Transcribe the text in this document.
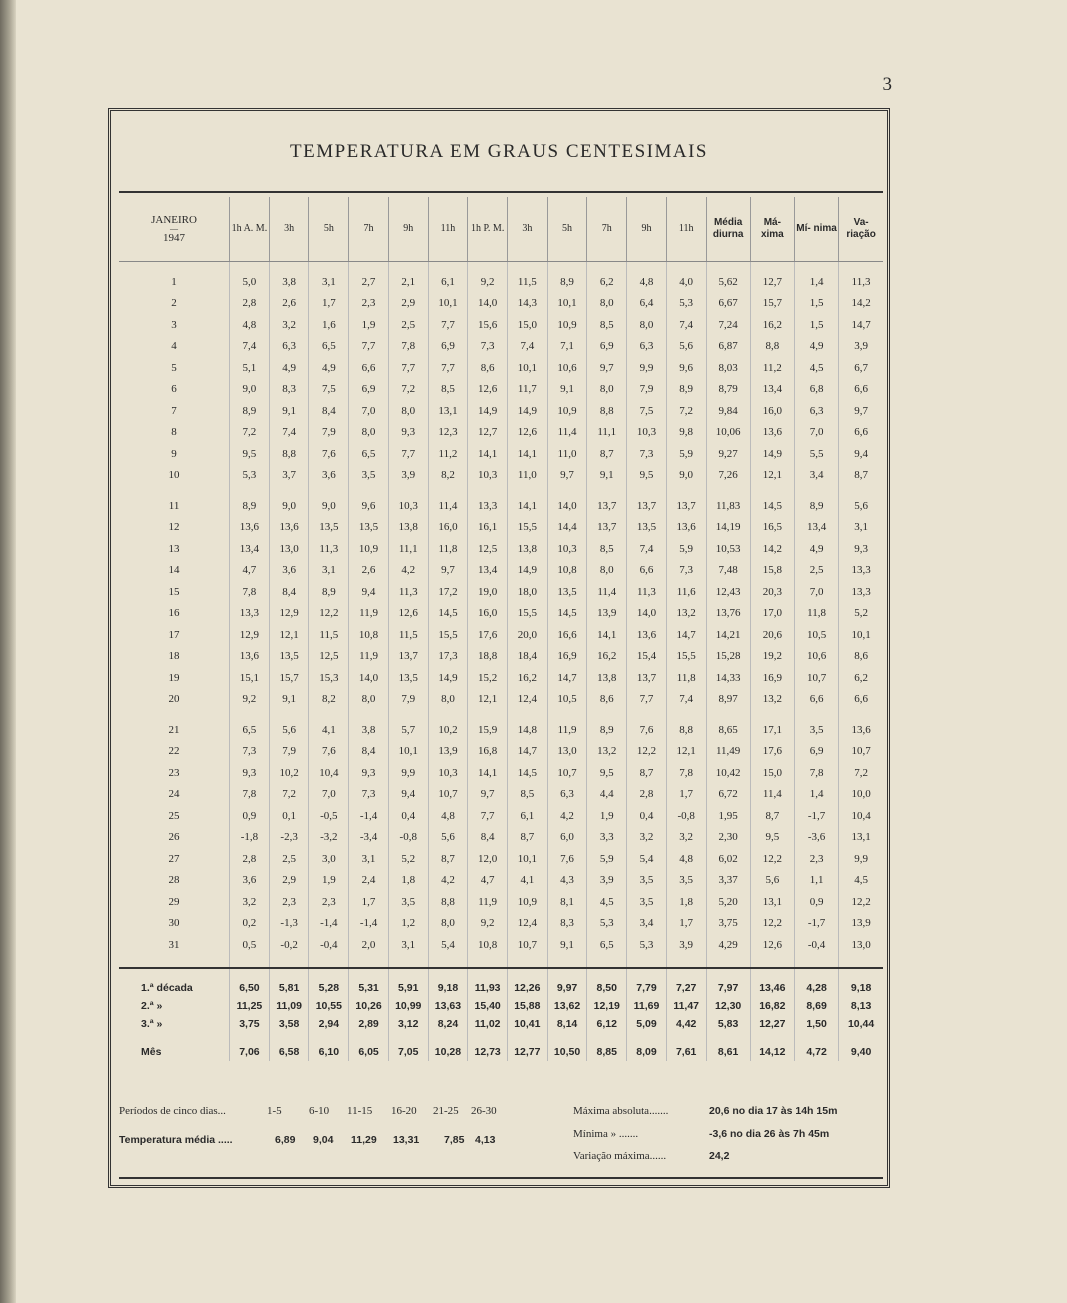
3
TEMPERATURA EM GRAUS CENTESIMAIS
JANEIRO
—
1947	1h A. M.	3h	5h	7h	9h	11h	1h P. M.	3h	5h	7h	9h	11h	Média diurna	Má- xima	Mí- nima	Va- riação

1	5,0	3,8	3,1	2,7	2,1	6,1	9,2	11,5	8,9	6,2	4,8	4,0	5,62	12,7	1,4	11,3
2	2,8	2,6	1,7	2,3	2,9	10,1	14,0	14,3	10,1	8,0	6,4	5,3	6,67	15,7	1,5	14,2
3	4,8	3,2	1,6	1,9	2,5	7,7	15,6	15,0	10,9	8,5	8,0	7,4	7,24	16,2	1,5	14,7
4	7,4	6,3	6,5	7,7	7,8	6,9	7,3	7,4	7,1	6,9	6,3	5,6	6,87	8,8	4,9	3,9
5	5,1	4,9	4,9	6,6	7,7	7,7	8,6	10,1	10,6	9,7	9,9	9,6	8,03	11,2	4,5	6,7
6	9,0	8,3	7,5	6,9	7,2	8,5	12,6	11,7	9,1	8,0	7,9	8,9	8,79	13,4	6,8	6,6
7	8,9	9,1	8,4	7,0	8,0	13,1	14,9	14,9	10,9	8,8	7,5	7,2	9,84	16,0	6,3	9,7
8	7,2	7,4	7,9	8,0	9,3	12,3	12,7	12,6	11,4	11,1	10,3	9,8	10,06	13,6	7,0	6,6
9	9,5	8,8	7,6	6,5	7,7	11,2	14,1	14,1	11,0	8,7	7,3	5,9	9,27	14,9	5,5	9,4
10	5,3	3,7	3,6	3,5	3,9	8,2	10,3	11,0	9,7	9,1	9,5	9,0	7,26	12,1	3,4	8,7

11	8,9	9,0	9,0	9,6	10,3	11,4	13,3	14,1	14,0	13,7	13,7	13,7	11,83	14,5	8,9	5,6
12	13,6	13,6	13,5	13,5	13,8	16,0	16,1	15,5	14,4	13,7	13,5	13,6	14,19	16,5	13,4	3,1
13	13,4	13,0	11,3	10,9	11,1	11,8	12,5	13,8	10,3	8,5	7,4	5,9	10,53	14,2	4,9	9,3
14	4,7	3,6	3,1	2,6	4,2	9,7	13,4	14,9	10,8	8,0	6,6	7,3	7,48	15,8	2,5	13,3
15	7,8	8,4	8,9	9,4	11,3	17,2	19,0	18,0	13,5	11,4	11,3	11,6	12,43	20,3	7,0	13,3
16	13,3	12,9	12,2	11,9	12,6	14,5	16,0	15,5	14,5	13,9	14,0	13,2	13,76	17,0	11,8	5,2
17	12,9	12,1	11,5	10,8	11,5	15,5	17,6	20,0	16,6	14,1	13,6	14,7	14,21	20,6	10,5	10,1
18	13,6	13,5	12,5	11,9	13,7	17,3	18,8	18,4	16,9	16,2	15,4	15,5	15,28	19,2	10,6	8,6
19	15,1	15,7	15,3	14,0	13,5	14,9	15,2	16,2	14,7	13,8	13,7	11,8	14,33	16,9	10,7	6,2
20	9,2	9,1	8,2	8,0	7,9	8,0	12,1	12,4	10,5	8,6	7,7	7,4	8,97	13,2	6,6	6,6

21	6,5	5,6	4,1	3,8	5,7	10,2	15,9	14,8	11,9	8,9	7,6	8,8	8,65	17,1	3,5	13,6
22	7,3	7,9	7,6	8,4	10,1	13,9	16,8	14,7	13,0	13,2	12,2	12,1	11,49	17,6	6,9	10,7
23	9,3	10,2	10,4	9,3	9,9	10,3	14,1	14,5	10,7	9,5	8,7	7,8	10,42	15,0	7,8	7,2
24	7,8	7,2	7,0	7,3	9,4	10,7	9,7	8,5	6,3	4,4	2,8	1,7	6,72	11,4	1,4	10,0
25	0,9	0,1	-0,5	-1,4	0,4	4,8	7,7	6,1	4,2	1,9	0,4	-0,8	1,95	8,7	-1,7	10,4
26	-1,8	-2,3	-3,2	-3,4	-0,8	5,6	8,4	8,7	6,0	3,3	3,2	3,2	2,30	9,5	-3,6	13,1
27	2,8	2,5	3,0	3,1	5,2	8,7	12,0	10,1	7,6	5,9	5,4	4,8	6,02	12,2	2,3	9,9
28	3,6	2,9	1,9	2,4	1,8	4,2	4,7	4,1	4,3	3,9	3,5	3,5	3,37	5,6	1,1	4,5
29	3,2	2,3	2,3	1,7	3,5	8,8	11,9	10,9	8,1	4,5	3,5	1,8	5,20	13,1	0,9	12,2
30	0,2	-1,3	-1,4	-1,4	1,2	8,0	9,2	12,4	8,3	5,3	3,4	1,7	3,75	12,2	-1,7	13,9
31	0,5	-0,2	-0,4	2,0	3,1	5,4	10,8	10,7	9,1	6,5	5,3	3,9	4,29	12,6	-0,4	13,0

1.ª década	6,50	5,81	5,28	5,31	5,91	9,18	11,93	12,26	9,97	8,50	7,79	7,27	7,97	13,46	4,28	9,18
2.ª »	11,25	11,09	10,55	10,26	10,99	13,63	15,40	15,88	13,62	12,19	11,69	11,47	12,30	16,82	8,69	8,13
3.ª »	3,75	3,58	2,94	2,89	3,12	8,24	11,02	10,41	8,14	6,12	5,09	4,42	5,83	12,27	1,50	10,44

Mês	7,06	6,58	6,10	6,05	7,05	10,28	12,73	12,77	10,50	8,85	8,09	7,61	8,61	14,12	4,72	9,40
Períodos de cinco dias...	1-5 6-10 11-15 16-20 21-25 26-30
Temperatura média .....	6,89 9,04 11,29 13,31 7,85 4,13
Máxima absoluta.......	20,6 no dia 17 às 14h 15m
Mínima » .......	-3,6 no dia 26 às 7h 45m
Variação máxima......	24,2
